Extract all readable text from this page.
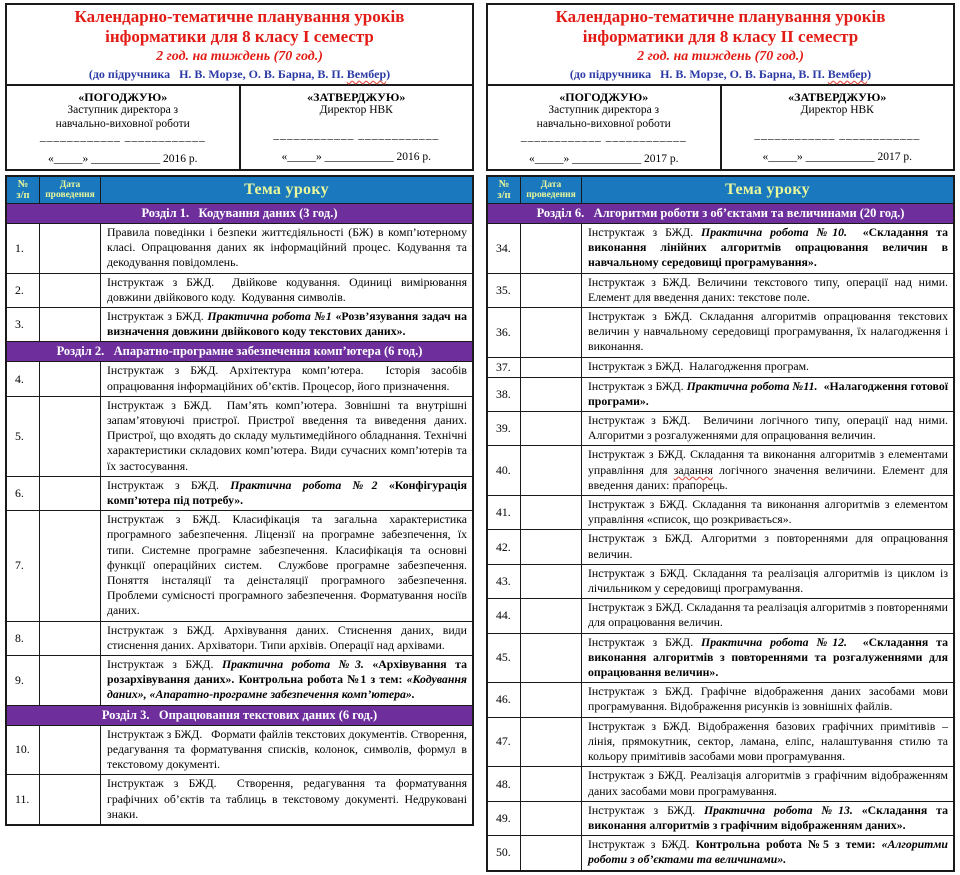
Календарно-тематичне планування уроків
інформатики для 8 класу І семестр
2 год. на тиждень (70 год.)
(до підручника   Н. В. Морзе, О. В. Барна, В. П. Вембер)
«ПОГОДЖУЮ»
Заступник директора з
навчально-виховної роботи
____________ ____________
«_____» ____________ 2016 р.
«ЗАТВЕРДЖУЮ»
Директор НВК
____________ ____________
«_____» ____________ 2016 р.
№
з/п	Дата
проведення	Тема уроку
Розділ 1.   Кодування даних (3 год.)		
1.		Правила поведінки і безпеки життєдіяльності (БЖ) в комп’ютерному класі. Опрацювання даних як інформаційний процес. Кодування та декодування повідомлень.
2.		Інструктаж з БЖД.  Двійкове кодування. Одиниці вимірювання довжини двійкового коду.  Кодування символів.
3.		Інструктаж з БЖД. Практична робота №1 «Розв’язування задач на визначення довжини двійкового коду текстових даних».
Розділ 2.   Апаратно-програмне забезпечення комп’ютера (6 год.)		
4.		Інструктаж з БЖД. Архітектура комп’ютера.  Історія засобів опрацювання інформаційних об’єктів. Процесор, його призначення.
5.		Інструктаж з БЖД.  Пам’ять комп’ютера. Зовнішні та внутрішні запам’ятовуючі пристрої. Пристрої введення та виведення даних. Пристрої, що входять до складу мультимедійного обладнання. Технічні характеристики складових комп’ютера. Види сучасних комп’ютерів та їх застосування.
6.		Інструктаж з БЖД. Практична робота №2 «Конфігурація комп’ютера під потребу».
7.		Інструктаж з БЖД. Класифікація та загальна характеристика програмного забезпечення. Ліцензії на програмне забезпечення, їх типи. Системне програмне забезпечення. Класифікація та основні функції операційних систем.  Службове програмне забезпечення. Поняття інсталяції та деінсталяції програмного забезпечення. Проблеми сумісності програмного забезпечення. Форматування носіїв даних.
8.		Інструктаж з БЖД. Архівування даних. Стиснення даних, види стиснення даних. Архіватори. Типи архівів. Операції над архівами.
9.		Інструктаж з БЖД. Практична робота №3. «Архівування та розархівування даних». Контрольна робота №1 з тем: «Кодування даних», «Апаратно-програмне забезпечення комп’ютера».
Розділ 3.   Опрацювання текстових даних (6 год.)		
10.		Інструктаж з БЖД.   Формати файлів текстових документів. Створення, редагування та форматування списків, колонок, символів, формул в текстовому документі.
11.		Інструктаж з БЖД.  Створення, редагування та форматування графічних об’єктів та таблиць в текстовому документі. Недруковані знаки.
Календарно-тематичне планування уроків
інформатики для 8 класу ІІ семестр
2 год. на тиждень (70 год.)
(до підручника   Н. В. Морзе, О. В. Барна, В. П. Вембер)
«ПОГОДЖУЮ»
Заступник директора з
навчально-виховної роботи
____________ ____________
«_____» ____________ 2017 р.
«ЗАТВЕРДЖУЮ»
Директор НВК
____________ ____________
«_____» ____________ 2017 р.
№
з/п	Дата
проведення	Тема уроку
Розділ 6.   Алгоритми роботи з об’єктами та величинами (20 год.)		
34.		Інструктаж з БЖД. Практична робота №10.  «Складання та виконання лінійних алгоритмів опрацювання величин в навчальному середовищі програмування».
35.		Інструктаж з БЖД. Величини текстового типу, операції над ними. Елемент для введення даних: текстове поле.
36.		Інструктаж з БЖД. Складання алгоритмів опрацювання текстових величин у навчальному середовищі програмування, їх налагодження і виконання.
37.		Інструктаж з БЖД.  Налагодження програм.
38.		Інструктаж з БЖД. Практична робота №11.  «Налагодження готової програми».
39.		Інструктаж з БЖД.  Величини логічного типу, операції над ними. Алгоритми з розгалуженнями для опрацювання величин.
40.		Інструктаж з БЖД. Складання та виконання алгоритмів з елементами управління для задання логічного значення величини. Елемент для введення даних: прапорець.
41.		Інструктаж з БЖД. Складання та виконання алгоритмів з елементом управління «список, що розкривається».
42.		Інструктаж з БЖД. Алгоритми з повтореннями для опрацювання величин.
43.		Інструктаж з БЖД. Складання та реалізація алгоритмів із циклом із лічильником у середовищі програмування.
44.		Інструктаж з БЖД. Складання та реалізація алгоритмів з повтореннями для опрацювання величин.
45.		Інструктаж з БЖД. Практична робота №12.  «Складання та виконання алгоритмів з повтореннями та розгалуженнями для опрацювання величин».
46.		Інструктаж з БЖД. Графічне відображення даних засобами мови програмування. Відображення рисунків із зовнішніх файлів.
47.		Інструктаж з БЖД. Відображення базових графічних примітивів – лінія, прямокутник, сектор, ламана, еліпс, налаштування стилю та кольору примітивів засобами мови програмування.
48.		Інструктаж з БЖД. Реалізація алгоритмів з графічним відображенням даних засобами мови програмування.
49.		Інструктаж з БЖД. Практична робота №13. «Складання та виконання алгоритмів з графічним відображенням даних».
50.		Інструктаж з БЖД. Контрольна робота №5 з теми: «Алгоритми роботи з об’єктами та величинами».
